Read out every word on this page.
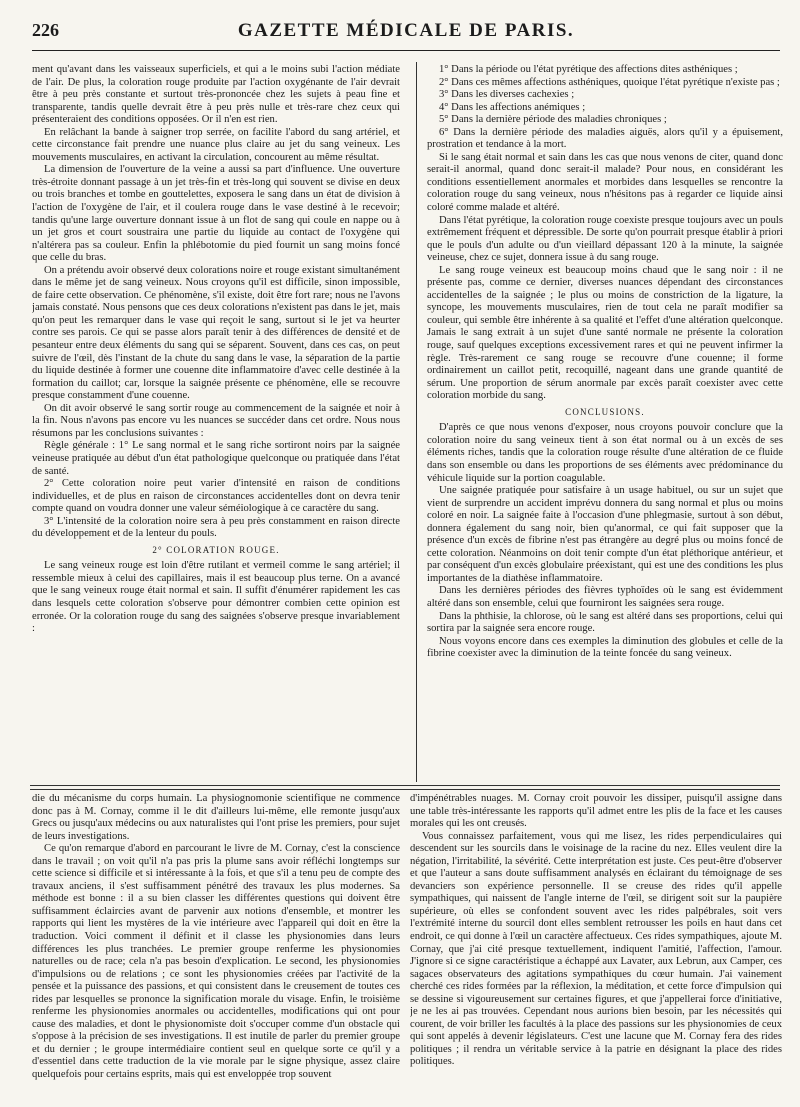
226	GAZETTE MÉDICALE DE PARIS.

ment qu'avant dans les vaisseaux superficiels, et qui a le moins subi l'action médiate de l'air. De plus, la coloration rouge produite par l'action oxygénante de l'air devrait être à peu près constante et surtout très-prononcée chez les sujets à peau fine et transparente, tandis quelle devrait être à peu près nulle et très-rare chez ceux qui présenteraient des conditions opposées. Or il n'en est rien.

En relâchant la bande à saigner trop serrée, on facilite l'abord du sang artériel, et cette circonstance fait prendre une nuance plus claire au jet du sang veineux. Les mouvements musculaires, en activant la circulation, concourent au même résultat.

La dimension de l'ouverture de la veine a aussi sa part d'influence. Une ouverture très-étroite donnant passage à un jet très-fin et très-long qui souvent se divise en deux ou trois branches et tombe en gouttelettes, exposera le sang dans un état de division à l'action de l'oxygène de l'air, et il coulera rouge dans le vase destiné à le recevoir; tandis qu'une large ouverture donnant issue à un flot de sang qui coule en nappe ou à un jet gros et court soustraira une partie du liquide au contact de l'oxygène qui n'altérera pas sa couleur. Enfin la phlébotomie du pied fournit un sang moins foncé que celle du bras.

On a prétendu avoir observé deux colorations noire et rouge existant simultanément dans le même jet de sang veineux. Nous croyons qu'il est difficile, sinon impossible, de faire cette observation. Ce phénomène, s'il existe, doit être fort rare; nous ne l'avons jamais constaté. Nous pensons que ces deux colorations n'existent pas dans le jet, mais qu'on peut les remarquer dans le vase qui reçoit le sang, surtout si le jet va heurter contre ses parois. Ce qui se passe alors paraît tenir à des différences de densité et de pesanteur entre deux éléments du sang qui se séparent. Souvent, dans ces cas, on peut suivre de l'œil, dès l'instant de la chute du sang dans le vase, la séparation de la partie du liquide destinée à former une couenne dite inflammatoire d'avec celle destinée à la formation du caillot; car, lorsque la saignée présente ce phénomène, elle se recouvre presque constamment d'une couenne.

On dit avoir observé le sang sortir rouge au commencement de la saignée et noir à la fin. Nous n'avons pas encore vu les nuances se succéder dans cet ordre. Nous nous résumons par les conclusions suivantes :

Règle générale : 1° Le sang normal et le sang riche sortiront noirs par la saignée veineuse pratiquée au début d'un état pathologique quelconque ou pratiquée dans l'état de santé.

2° Cette coloration noire peut varier d'intensité en raison de conditions individuelles, et de plus en raison de circonstances accidentelles dont on devra tenir compte quand on voudra donner une valeur séméiologique à ce caractère du sang.

3° L'intensité de la coloration noire sera à peu près constamment en raison directe du développement et de la lenteur du pouls.

2° COLORATION ROUGE.

Le sang veineux rouge est loin d'être rutilant et vermeil comme le sang artériel; il ressemble mieux à celui des capillaires, mais il est beaucoup plus terne. On a avancé que le sang veineux rouge était normal et sain. Il suffit d'énumérer rapidement les cas dans lesquels cette coloration s'observe pour démontrer combien cette opinion est erronée. Or la coloration rouge du sang des saignées s'observe presque invariablement :

1° Dans la période ou l'état pyrétique des affections dites asthéniques ;

2° Dans ces mêmes affections asthéniques, quoique l'état pyrétique n'existe pas ;

3° Dans les diverses cachexies ;

4° Dans les affections anémiques ;

5° Dans la dernière période des maladies chroniques ;

6° Dans la dernière période des maladies aiguës, alors qu'il y a épuisement, prostration et tendance à la mort.

Si le sang était normal et sain dans les cas que nous venons de citer, quand donc serait-il anormal, quand donc serait-il malade? Pour nous, en considérant les conditions essentiellement anormales et morbides dans lesquelles se rencontre la coloration rouge du sang veineux, nous n'hésitons pas à regarder ce liquide ainsi coloré comme malade et altéré.

Dans l'état pyrétique, la coloration rouge coexiste presque toujours avec un pouls extrêmement fréquent et dépressible. De sorte qu'on pourrait presque établir à priori que le pouls d'un adulte ou d'un vieillard dépassant 120 à la minute, la saignée veineuse, chez ce sujet, donnera issue à du sang rouge.

Le sang rouge veineux est beaucoup moins chaud que le sang noir : il ne présente pas, comme ce dernier, diverses nuances dépendant des circonstances accidentelles de la saignée ; le plus ou moins de constriction de la ligature, la syncope, les mouvements musculaires, rien de tout cela ne paraît modifier sa couleur, qui semble être inhérente à sa qualité et l'effet d'une altération quelconque. Jamais le sang extrait à un sujet d'une santé normale ne présente la coloration rouge, sauf quelques exceptions excessivement rares et qui ne peuvent infirmer la règle. Très-rarement ce sang rouge se recouvre d'une couenne; il forme ordinairement un caillot petit, recoquillé, nageant dans une grande quantité de sérum. Une proportion de sérum anormale par excès paraît coexister avec cette coloration morbide du sang.

CONCLUSIONS.

D'après ce que nous venons d'exposer, nous croyons pouvoir conclure que la coloration noire du sang veineux tient à son état normal ou à un excès de ses éléments riches, tandis que la coloration rouge résulte d'une altération de ce fluide dans son ensemble ou dans les proportions de ses éléments avec prédominance du véhicule liquide sur la portion coagulable.

Une saignée pratiquée pour satisfaire à un usage habituel, ou sur un sujet que vient de surprendre un accident imprévu donnera du sang normal et plus ou moins coloré en noir. La saignée faite à l'occasion d'une phlegmasie, surtout à son début, donnera également du sang noir, bien qu'anormal, ce qui fait supposer que la présence d'un excès de fibrine n'est pas étrangère au degré plus ou moins foncé de cette coloration. Néanmoins on doit tenir compte d'un état pléthorique antérieur, et par conséquent d'un excès globulaire préexistant, qui est une des conditions les plus importantes de la diathèse inflammatoire.

Dans les dernières périodes des fièvres typhoïdes où le sang est évidemment altéré dans son ensemble, celui que fourniront les saignées sera rouge.

Dans la phthisie, la chlorose, où le sang est altéré dans ses proportions, celui qui sortira par la saignée sera encore rouge.

Nous voyons encore dans ces exemples la diminution des globules et celle de la fibrine coexister avec la diminution de la teinte foncée du sang veineux.

die du mécanisme du corps humain. La physiognomonie scientifique ne commence donc pas à M. Cornay, comme il le dit d'ailleurs lui-même, elle remonte jusqu'aux Grecs ou jusqu'aux médecins ou aux naturalistes qui l'ont prise les premiers, pour sujet de leurs investigations.

Ce qu'on remarque d'abord en parcourant le livre de M. Cornay, c'est la conscience dans le travail ; on voit qu'il n'a pas pris la plume sans avoir réfléchi longtemps sur cette science si difficile et si intéressante à la fois, et que s'il a tenu peu de compte des travaux anciens, il s'est suffisamment pénétré des travaux les plus modernes. Sa méthode est bonne : il a su bien classer les différentes questions qui doivent être suffisamment éclaircies avant de parvenir aux notions d'ensemble, et montrer les rapports qui lient les mystères de la vie intérieure avec l'appareil qui doit en être la traduction. Voici comment il définit et il classe les physionomies dans leurs différences les plus tranchées. Le premier groupe renferme les physionomies naturelles ou de race; cela n'a pas besoin d'explication. Le second, les physionomies d'impulsions ou de relations ; ce sont les physionomies créées par l'activité de la pensée et la puissance des passions, et qui consistent dans le creusement de toutes ces rides par lesquelles se prononce la signification morale du visage. Enfin, le troisième renferme les physionomies anormales ou accidentelles, modifications qui ont pour cause des maladies, et dont le physionomiste doit s'occuper comme d'un obstacle qui s'oppose à la précision de ses investigations. Il est inutile de parler du premier groupe et du dernier ; le groupe intermédiaire contient seul en quelque sorte ce qu'il y a d'essentiel dans cette traduction de la vie morale par le signe physique, assez claire quelquefois pour certains esprits, mais qui est enveloppée trop souvent

d'impénétrables nuages. M. Cornay croit pouvoir les dissiper, puisqu'il assigne dans une table très-intéressante les rapports qu'il admet entre les plis de la face et les causes morales qui les ont creusés.

Vous connaissez parfaitement, vous qui me lisez, les rides perpendiculaires qui descendent sur les sourcils dans le voisinage de la racine du nez. Elles veulent dire la négation, l'irritabilité, la sévérité. Cette interprétation est juste. Ces peut-être d'observer et que l'auteur a sans doute suffisamment analysés en éclairant du témoignage de ses devanciers son expérience personnelle. Il se creuse des rides qu'il appelle sympathiques, qui naissent de l'angle interne de l'œil, se dirigent soit sur la paupière supérieure, où elles se confondent souvent avec les rides palpébrales, soit vers l'extrémité interne du sourcil dont elles semblent retrousser les poils en haut dans cet endroit, ce qui donne à l'œil un caractère affectueux. Ces rides sympathiques, ajoute M. Cornay, que j'ai cité presque textuellement, indiquent l'amitié, l'affection, l'amour. J'ignore si ce signe caractéristique a échappé aux Lavater, aux Lebrun, aux Camper, ces sagaces observateurs des agitations sympathiques du cœur humain. J'ai vainement cherché ces rides formées par la réflexion, la méditation, et cette force d'impulsion qui se dessine si vigoureusement sur certaines figures, et que j'appellerai force d'initiative, je ne les ai pas trouvées. Cependant nous aurions bien besoin, par les nécessités qui courent, de voir briller les facultés à la place des passions sur les physionomies de ceux qui sont appelés à devenir législateurs. C'est une lacune que M. Cornay fera des rides politiques ; il rendra un véritable service à la patrie en désignant la place des rides politiques.
